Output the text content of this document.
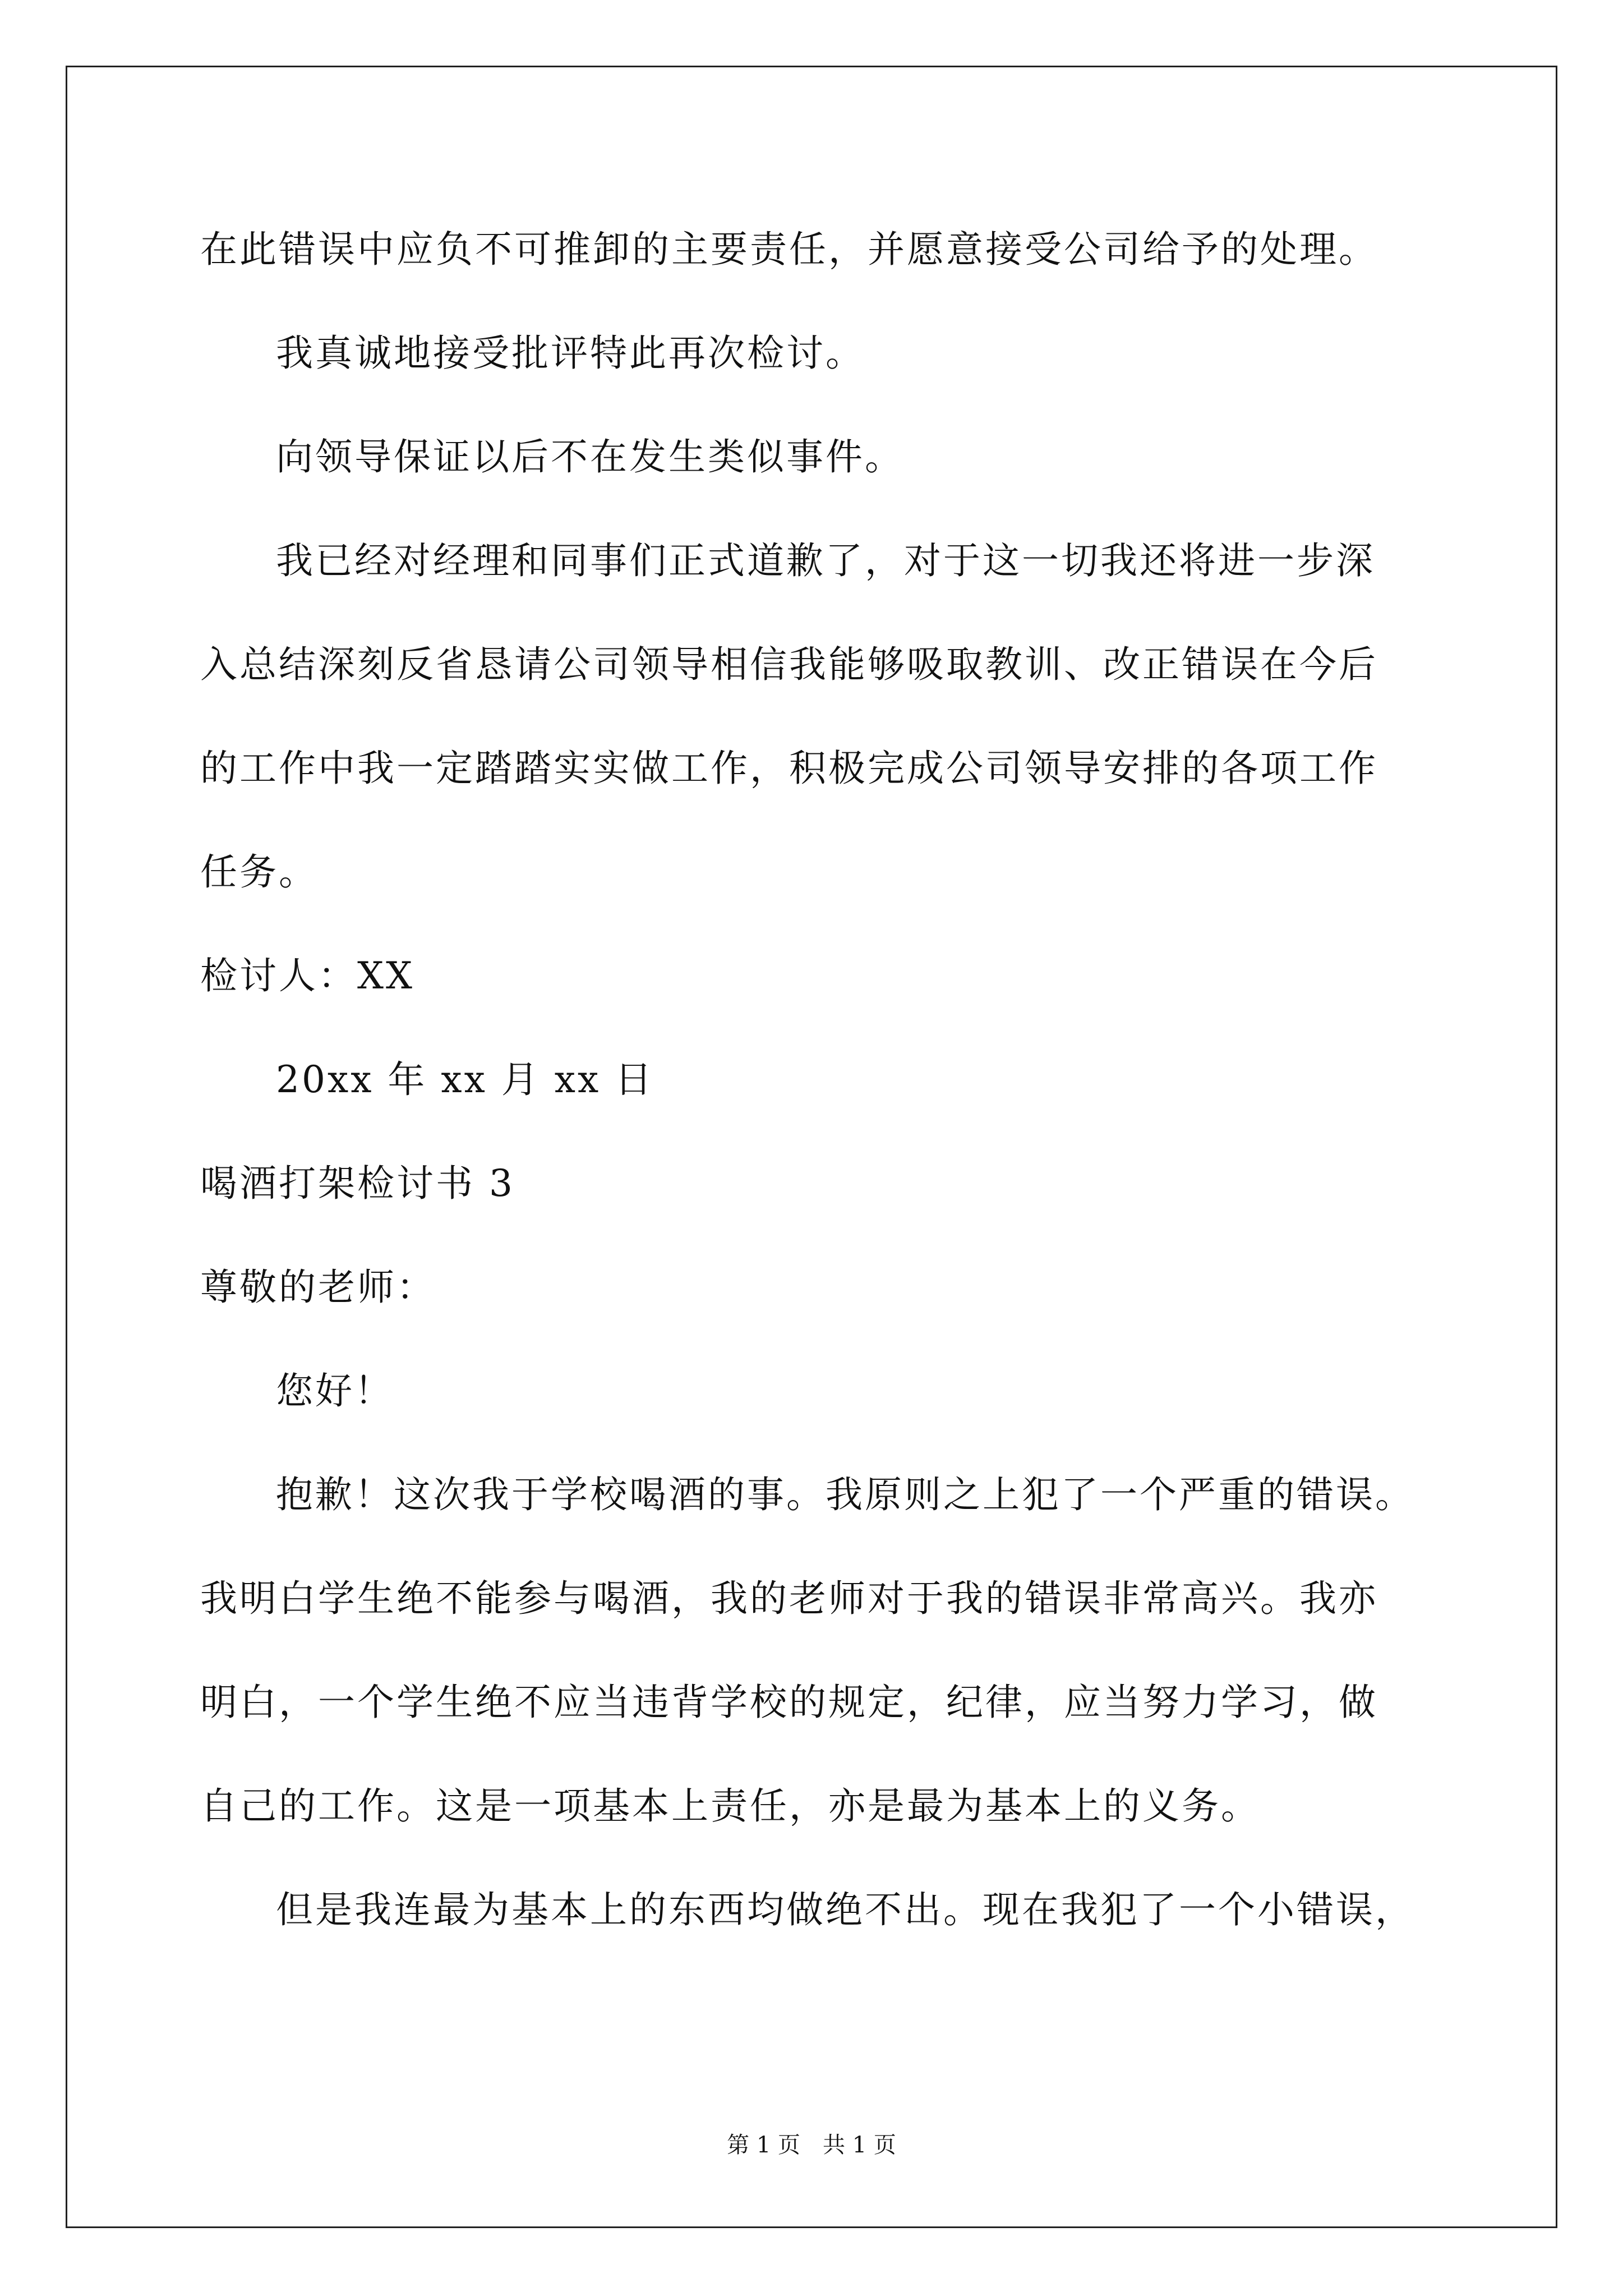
在此错误中应负不可推卸的主要责任，并愿意接受公司给予的处理。
我真诚地接受批评特此再次检讨。
向领导保证以后不在发生类似事件。
我已经对经理和同事们正式道歉了，对于这一切我还将进一步深
入总结深刻反省恳请公司领导相信我能够吸取教训、改正错误在今后
的工作中我一定踏踏实实做工作，积极完成公司领导安排的各项工作
任务。
检讨人：XX
20xx 年 xx 月 xx 日
喝酒打架检讨书 3
尊敬的老师：
您好！
抱歉！这次我于学校喝酒的事。我原则之上犯了一个严重的错误。
我明白学生绝不能参与喝酒，我的老师对于我的错误非常高兴。我亦
明白，一个学生绝不应当违背学校的规定，纪律，应当努力学习，做
自己的工作。这是一项基本上责任，亦是最为基本上的义务。
但是我连最为基本上的东西均做绝不出。现在我犯了一个小错误，
第 1 页　共 1 页
